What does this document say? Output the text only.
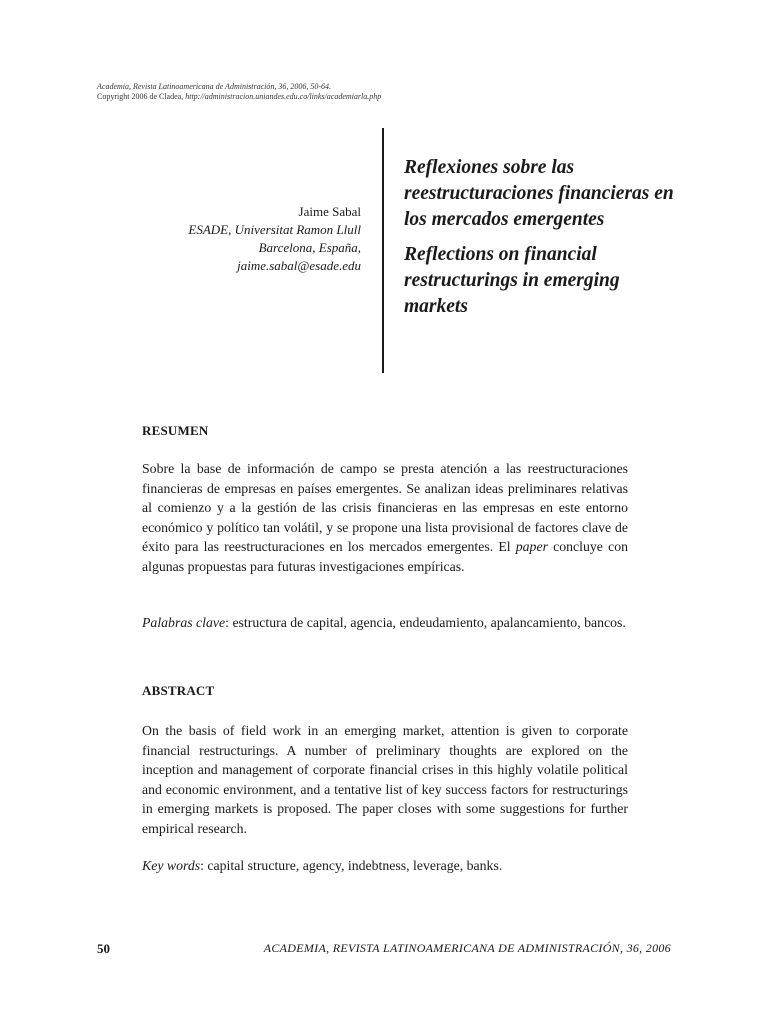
Academia, Revista Latinoamericana de Administración, 36, 2006, 50-64.
Copyright 2006 de Cladea, http://administracion.uniandes.edu.co/links/academiarla.php
Jaime Sabal
ESADE, Universitat Ramon Llull
Barcelona, España,
jaime.sabal@esade.edu
Reflexiones sobre las reestructuraciones financieras en los mercados emergentes
Reflections on financial restructurings in emerging markets
RESUMEN

Sobre la base de información de campo se presta atención a las reestructuraciones financieras de empresas en países emergentes. Se analizan ideas preliminares relativas al comienzo y a la gestión de las crisis financieras en las empresas en este entorno económico y político tan volátil, y se propone una lista provisional de factores clave de éxito para las reestructuraciones en los mercados emergentes. El paper concluye con algunas propuestas para futuras investigaciones empíricas.

Palabras clave: estructura de capital, agencia, endeudamiento, apalancamiento, bancos.

ABSTRACT

On the basis of field work in an emerging market, attention is given to corporate financial restructurings. A number of preliminary thoughts are explored on the inception and management of corporate financial crises in this highly volatile political and economic environment, and a tentative list of key success factors for restructurings in emerging markets is proposed. The paper closes with some suggestions for further empirical research.

Key words: capital structure, agency, indebtness, leverage, banks.

50	ACADEMIA, REVISTA LATINOAMERICANA DE ADMINISTRACIÓN, 36, 2006
